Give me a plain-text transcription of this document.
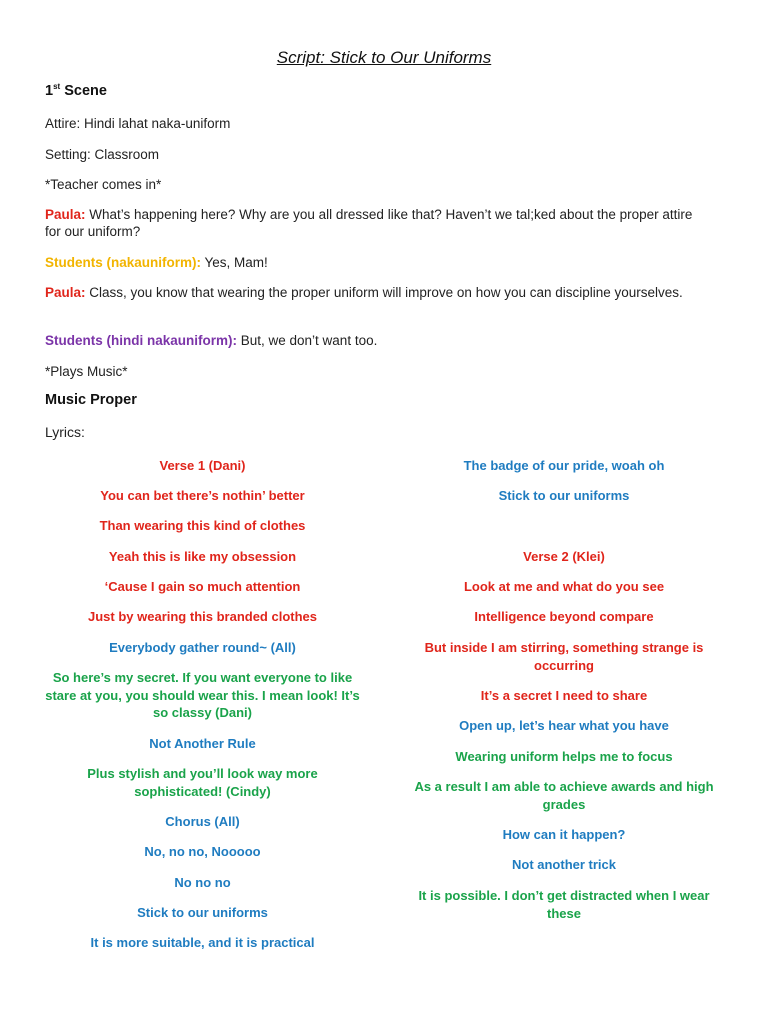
Script: Stick to Our Uniforms
1st Scene
Attire: Hindi lahat naka-uniform
Setting: Classroom
*Teacher comes in*
Paula: What’s happening here? Why are you all dressed like that? Haven’t we tal;ked about the proper attire for our uniform?
Students (nakauniform): Yes, Mam!
Paula: Class, you know that wearing the proper uniform will improve on how you can discipline yourselves.
Students (hindi nakauniform): But, we don’t want too.
*Plays Music*
Music Proper
Lyrics:
Verse 1 (Dani)
You can bet there’s nothin’ better
Than wearing this kind of clothes
Yeah this is like my obsession
‘Cause I gain so much attention
Just by wearing this branded clothes
Everybody gather round~ (All)
So here’s my secret. If you want everyone to like stare at you, you should wear this. I mean look! It’s so classy (Dani)
Not Another Rule
Plus stylish and you’ll look way more sophisticated! (Cindy)
Chorus (All)
No, no no, Nooooo
No no no
Stick to our uniforms
It is more suitable, and it is practical
The badge of our pride, woah oh
Stick to our uniforms
Verse 2 (Klei)
Look at me and what do you see
Intelligence beyond compare
But inside I am stirring, something strange is occurring
It’s a secret I need to share
Open up, let’s hear what you have
Wearing uniform helps me to focus
As a result I am able to achieve awards and high grades
How can it happen?
Not another trick
It is possible. I don’t get distracted when I wear these
